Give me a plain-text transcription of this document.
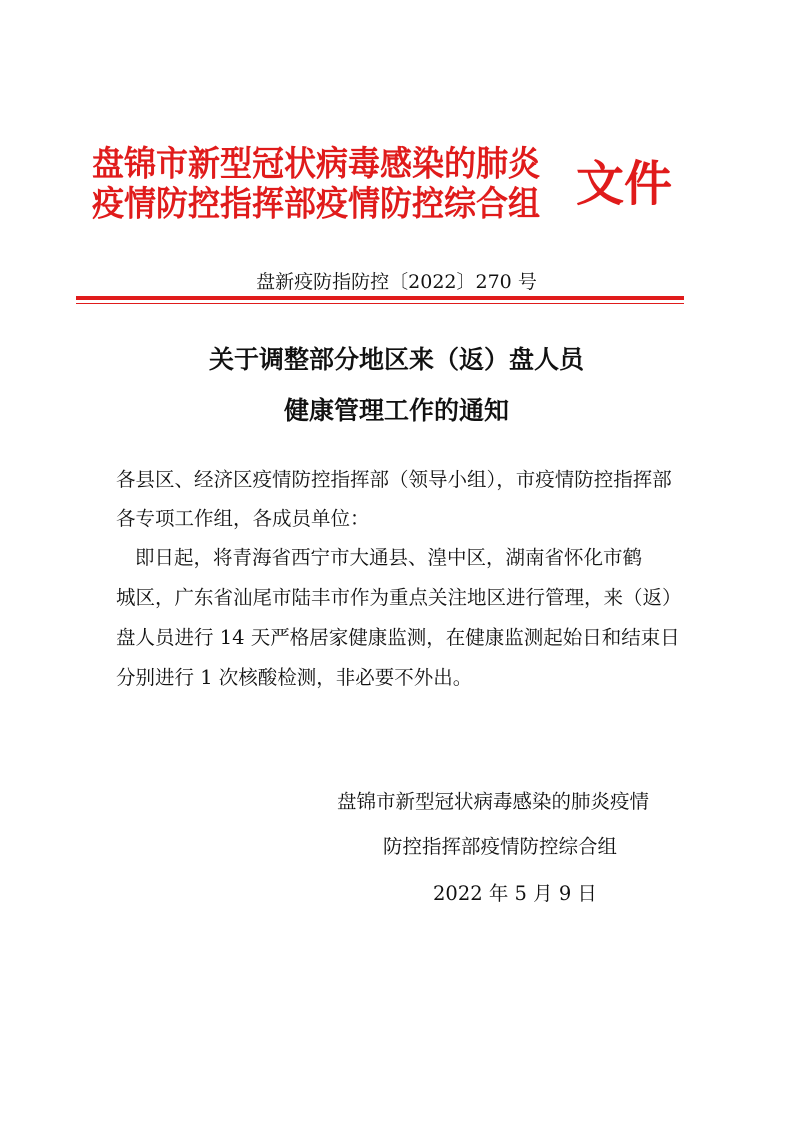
盘锦市新型冠状病毒感染的肺炎
疫情防控指挥部疫情防控综合组 文件
盘新疫防指防控〔2022〕270 号
关于调整部分地区来（返）盘人员
健康管理工作的通知
各县区、经济区疫情防控指挥部（领导小组），市疫情防控指挥部
各专项工作组，各成员单位：
即日起，将青海省西宁市大通县、湟中区，湖南省怀化市鹤
城区，广东省汕尾市陆丰市作为重点关注地区进行管理，来（返）
盘人员进行 14 天严格居家健康监测，在健康监测起始日和结束日
分别进行 1 次核酸检测，非必要不外出。
盘锦市新型冠状病毒感染的肺炎疫情
防控指挥部疫情防控综合组
2022 年 5 月 9 日
